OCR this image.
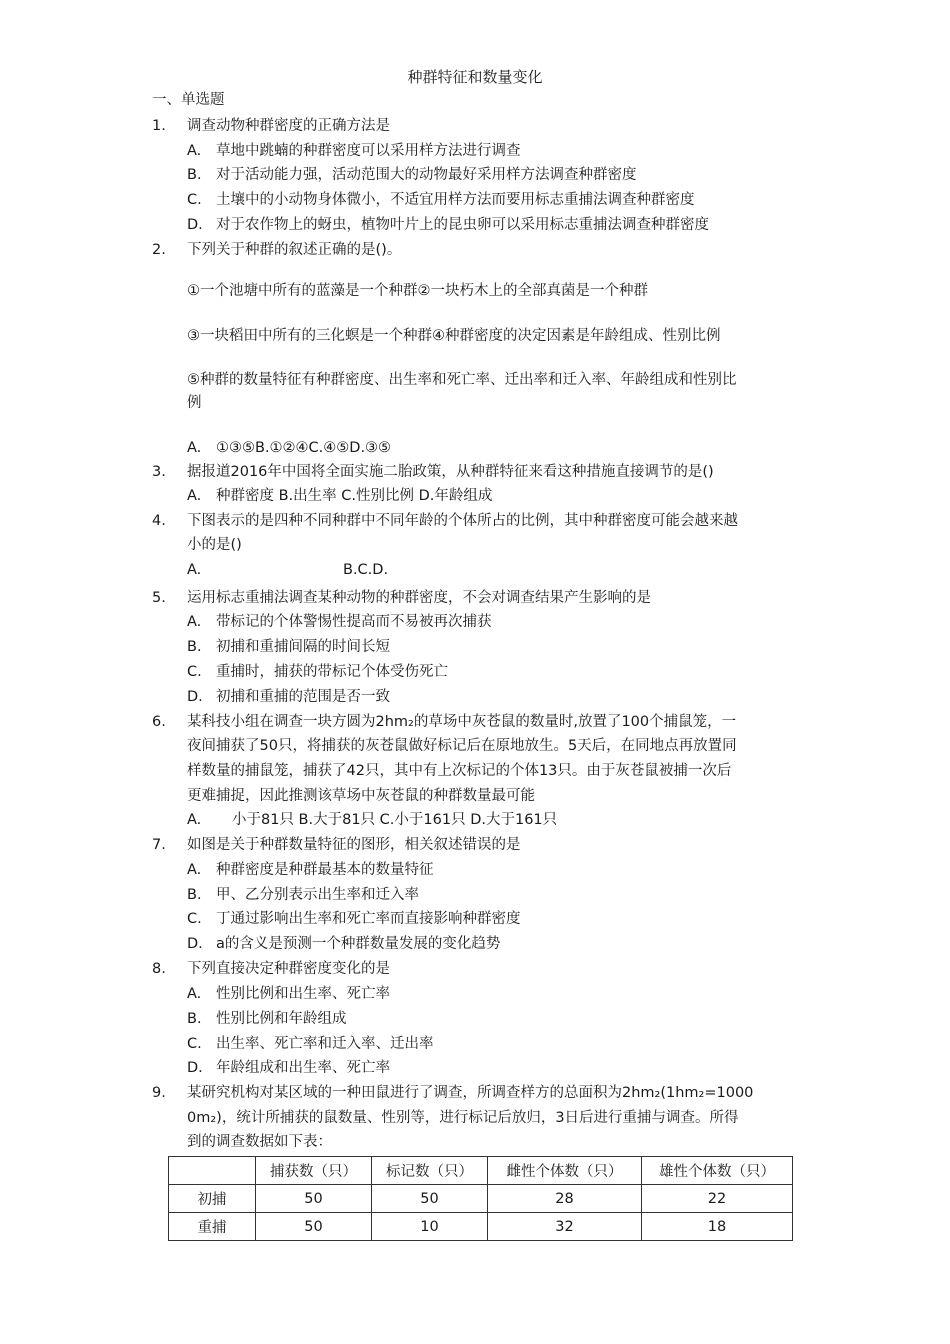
种群特征和数量变化
一、单选题
1. 调查动物种群密度的正确方法是
A. 草地中跳蝻的种群密度可以采用样方法进行调查
B. 对于活动能力强，活动范围大的动物最好采用样方法调查种群密度
C. 土壤中的小动物身体微小，不适宜用样方法而要用标志重捕法调查种群密度
D. 对于农作物上的蚜虫，植物叶片上的昆虫卵可以采用标志重捕法调查种群密度
2. 下列关于种群的叙述正确的是()。
①一个池塘中所有的蓝藻是一个种群②一块朽木上的全部真菌是一个种群
③一块稻田中所有的三化螟是一个种群④种群密度的决定因素是年龄组成、性别比例
⑤种群的数量特征有种群密度、出生率和死亡率、迁出率和迁入率、年龄组成和性别比
例
A. ①③⑤B.①②④C.④⑤D.③⑤
3. 据报道2016年中国将全面实施二胎政策，从种群特征来看这种措施直接调节的是()
A. 种群密度 B.出生率 C.性别比例 D.年龄组成
4. 下图表示的是四种不同种群中不同年龄的个体所占的比例，其中种群密度可能会越来越
小的是()
A.	B.C.D.
5. 运用标志重捕法调查某种动物的种群密度，不会对调查结果产生影响的是
A. 带标记的个体警惕性提高而不易被再次捕获
B. 初捕和重捕间隔的时间长短
C. 重捕时，捕获的带标记个体受伤死亡
D. 初捕和重捕的范围是否一致
6. 某科技小组在调查一块方圆为2hm₂的草场中灰苍鼠的数量时,放置了100个捕鼠笼，一
夜间捕获了50只，将捕获的灰苍鼠做好标记后在原地放生。5天后，在同地点再放置同
样数量的捕鼠笼，捕获了42只，其中有上次标记的个体13只。由于灰苍鼠被捕一次后
更难捕捉，因此推测该草场中灰苍鼠的种群数量最可能
A. 小于81只 B.大于81只 C.小于161只 D.大于161只
7. 如图是关于种群数量特征的图形，相关叙述错误的是
A. 种群密度是种群最基本的数量特征
B. 甲、乙分别表示出生率和迁入率
C. 丁通过影响出生率和死亡率而直接影响种群密度
D. a的含义是预测一个种群数量发展的变化趋势
8. 下列直接决定种群密度变化的是
A. 性别比例和出生率、死亡率
B. 性别比例和年龄组成
C. 出生率、死亡率和迁入率、迁出率
D. 年龄组成和出生率、死亡率
9. 某研究机构对某区域的一种田鼠进行了调查，所调查样方的总面积为2hm₂(1hm₂=1000
0m₂)，统计所捕获的鼠数量、性别等，进行标记后放归，3日后进行重捕与调查。所得
到的调查数据如下表：
	捕获数（只）	标记数（只）	雌性个体数（只）	雄性个体数（只）
初捕	50	50	28	22
重捕	50	10	32	18
